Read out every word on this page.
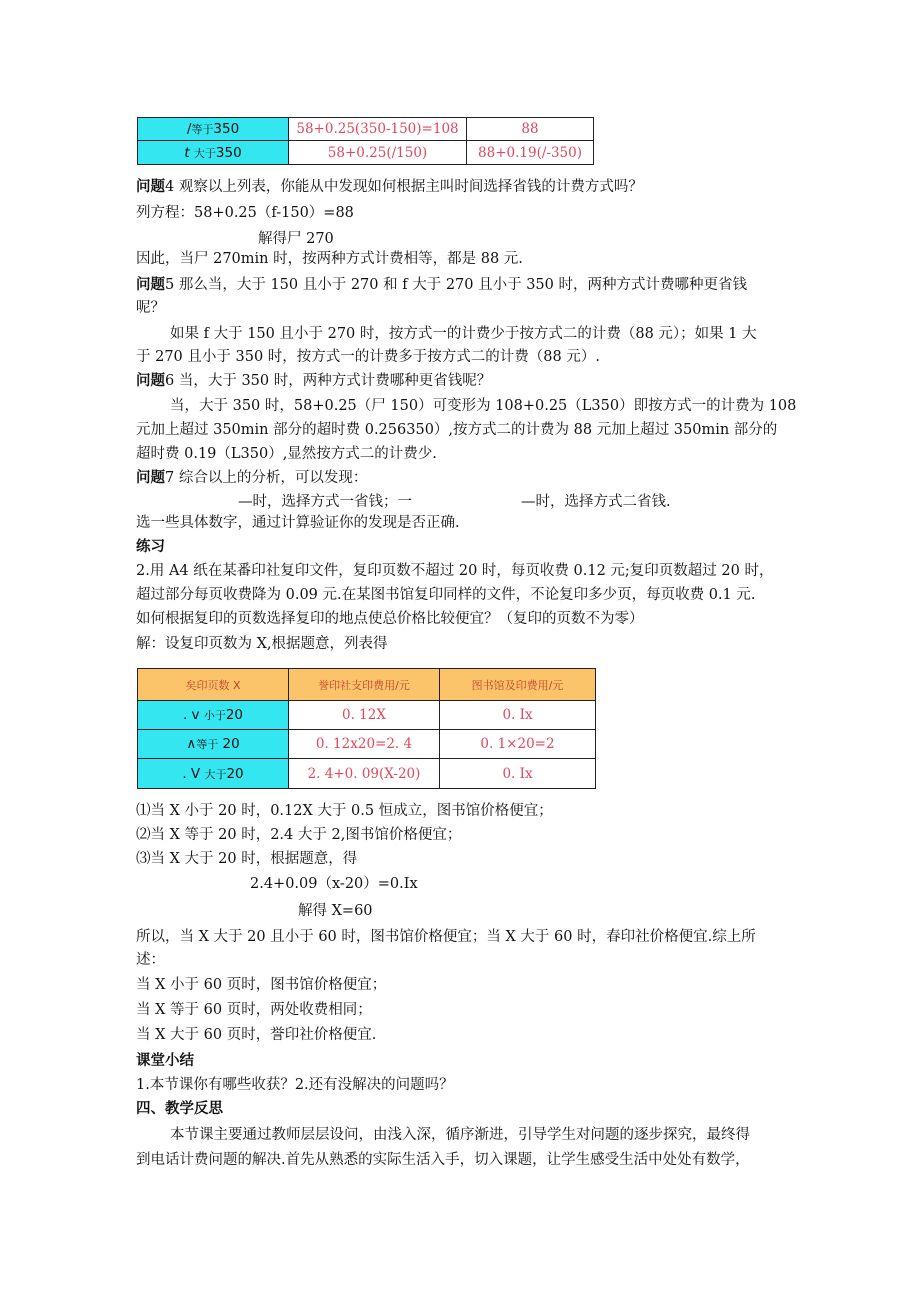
/等于350	58+0.25(350-150)=108	88
t 大于350	58+0.25(/150)	88+0.19(/-350)
问题4 观察以上列表，你能从中发现如何根据主叫时间选择省钱的计费方式吗？
列方程：58+0.25（f-150）=88
解得尸 270
因此，当尸 270min 时，按两种方式计费相等，都是 88 元.
问题5 那么当，大于 150 且小于 270 和 f 大于 270 且小于 350 时，两种方式计费哪种更省钱
呢？
如果 f 大于 150 且小于 270 时，按方式一的计费少于按方式二的计费（88 元）；如果 1 大
于 270 且小于 350 时，按方式一的计费多于按方式二的计费（88 元）.
问题6 当，大于 350 时，两种方式计费哪种更省钱呢？
当，大于 350 时，58+0.25（尸 150）可变形为 108+0.25（L350）即按方式一的计费为 108
元加上超过 350min 部分的超时费 0.256350）,按方式二的计费为 88 元加上超过 350min 部分的
超时费 0.19（L350）,显然按方式二的计费少.
问题7 综合以上的分析，可以发现：
—时，选择方式一省钱；一	—时，选择方式二省钱.
选一些具体数字，通过计算验证你的发现是否正确.
练习
2.用 A4 纸在某番印社复印文件，复印页数不超过 20 时，每页收费 0.12 元;复印页数超过 20 时，
超过部分每页收费降为 0.09 元.在某图书馆复印同样的文件，不论复印多少页，每页收费 0.1 元.
如何根据复印的页数选择复印的地点使总价格比较便宜？（复印的页数不为零）
解：设复印页数为 X,根据题意，列表得
矣印页数 X	誉印社支印费用/元	图书馆及印费用/元
. v 小于20	0. 12X	0. Ix
∧等于 20	0. 12x20=2. 4	0. 1×20=2
. V 大于20	2. 4+0. 09(X-20)	0. Ix
⑴当 X 小于 20 时，0.12X 大于 0.5 恒成立，图书馆价格便宜；
⑵当 X 等于 20 时，2.4 大于 2,图书馆价格便宜；
⑶当 X 大于 20 时，根据题意，得
2.4+0.09（x-20）=0.Ix
解得 X=60
所以，当 X 大于 20 且小于 60 时，图书馆价格便宜；当 X 大于 60 时，春印社价格便宜.综上所
述：
当 X 小于 60 页时，图书馆价格便宜；
当 X 等于 60 页时，两处收费相同；
当 X 大于 60 页时，誉印社价格便宜.
课堂小结
1.本节课你有哪些收获？2.还有没解决的问题吗？
四、教学反思
本节课主要通过教师层层设问，由浅入深，循序渐进，引导学生对问题的逐步探究，最终得
到电话计费问题的解决.首先从熟悉的实际生活入手，切入课题，让学生感受生活中处处有数学，
